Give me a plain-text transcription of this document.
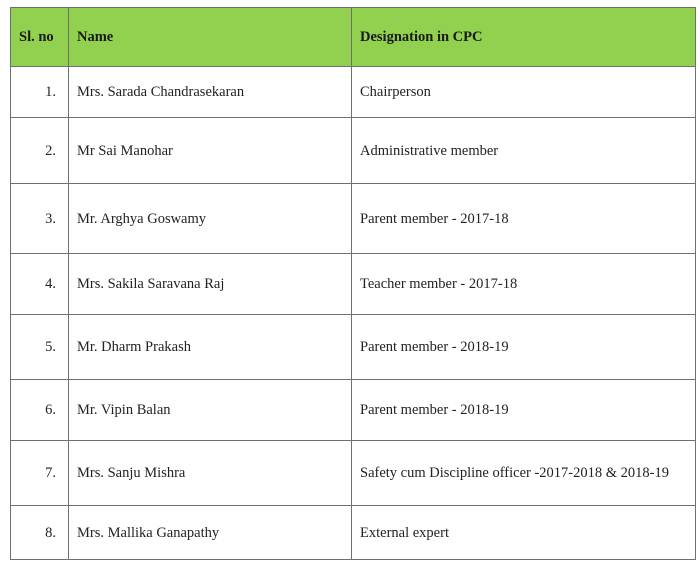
Sl. no	Name	Designation in CPC
1.	Mrs. Sarada Chandrasekaran	Chairperson
2.	Mr Sai Manohar	Administrative member
3.	Mr. Arghya Goswamy	Parent member - 2017-18
4.	Mrs. Sakila Saravana Raj	Teacher member - 2017-18
5.	Mr. Dharm Prakash	Parent member - 2018-19
6.	Mr. Vipin Balan	Parent member - 2018-19
7.	Mrs. Sanju Mishra	Safety cum Discipline officer -2017-2018 & 2018-19
8.	Mrs. Mallika Ganapathy	External expert
